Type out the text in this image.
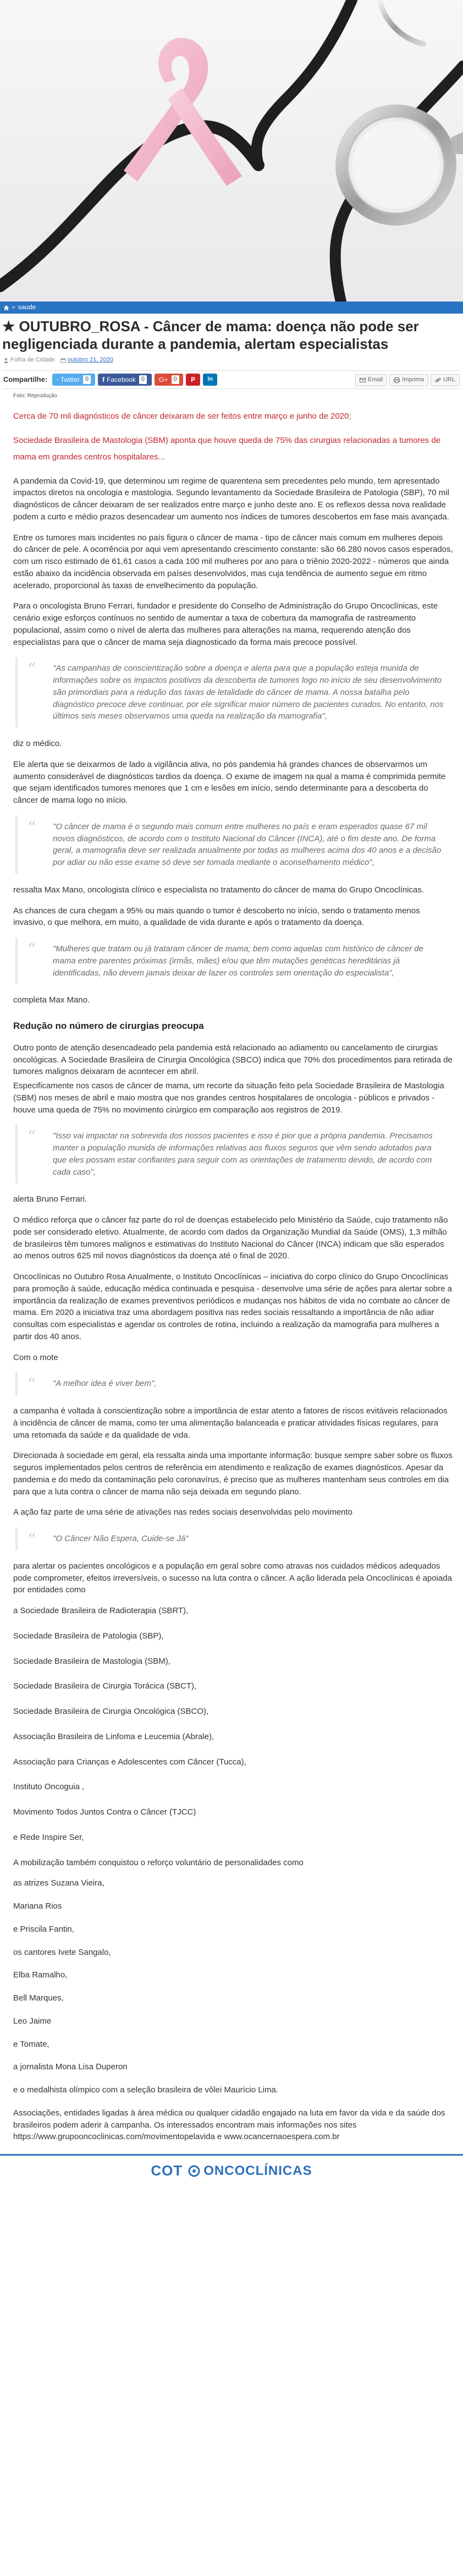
» saude
★ OUTUBRO_ROSA - Câncer de mama: doença não pode ser negligenciada durante a pandemia, alertam especialistas
Folha de Cidade outubro 21, 2020
Compartilhe: Twitter 0	f Facebook 0	G+ 0	P in	Email	Imprima	URL
Foto: Reprodução

Cerca de 70 mil diagnósticos de câncer deixaram de ser feitos entre março e junho de 2020;

Sociedade Brasileira de Mastologia (SBM) aponta que houve queda de 75% das cirurgias relacionadas a tumores de mama em grandes centros hospitalares...

A pandemia da Covid-19, que determinou um regime de quarentena sem precedentes pelo mundo, tem apresentado impactos diretos na oncologia e mastologia. Segundo levantamento da Sociedade Brasileira de Patologia (SBP), 70 mil diagnósticos de câncer deixaram de ser realizados entre março e junho deste ano. E os reflexos dessa nova realidade podem a curto e médio prazos desencadear um aumento nos índices de tumores descobertos em fase mais avançada.

Entre os tumores mais incidentes no país figura o câncer de mama - tipo de câncer mais comum em mulheres depois do câncer de pele. A ocorrência por aqui vem apresentando crescimento constante: são 66.280 novos casos esperados, com um risco estimado de 61,61 casos a cada 100 mil mulheres por ano para o triênio 2020-2022 - números que ainda estão abaixo da incidência observada em países desenvolvidos, mas cuja tendência de aumento segue em ritmo acelerado, proporcional às taxas de envelhecimento da população.

Para o oncologista Bruno Ferrari, fundador e presidente do Conselho de Administração do Grupo Oncoclínicas, este cenário exige esforços contínuos no sentido de aumentar a taxa de cobertura da mamografia de rastreamento populacional, assim como o nível de alerta das mulheres para alterações na mama, requerendo atenção dos especialistas para que o câncer de mama seja diagnosticado da forma mais precoce possível.

“ "As campanhas de conscientização sobre a doença e alerta para que a população esteja munida de informações sobre os impactos positivos da descoberta de tumores logo no início de seu desenvolvimento são primordiais para a redução das taxas de letalidade do câncer de mama. A nossa batalha pelo diagnóstico precoce deve continuar, por ele significar maior número de pacientes curados. No entanto, nos últimos seis meses observamos uma queda na realização da mamografia",

diz o médico.

Ele alerta que se deixarmos de lado a vigilância ativa, no pós pandemia há grandes chances de observarmos um aumento considerável de diagnósticos tardios da doença. O exame de imagem na qual a mama é comprimida permite que sejam identificados tumores menores que 1 cm e lesões em início, sendo determinante para a descoberta do câncer de mama logo no início.

“ "O câncer de mama é o segundo mais comum entre mulheres no país e eram esperados quase 67 mil novos diagnósticos, de acordo com o Instituto Nacional do Câncer (INCA), até o fim deste ano. De forma geral, a mamografia deve ser realizada anualmente por todas as mulheres acima dos 40 anos e a decisão por adiar ou não esse exame só deve ser tomada mediante o aconselhamento médico",

ressalta Max Mano, oncologista clínico e especialista no tratamento do câncer de mama do Grupo Oncoclínicas.

As chances de cura chegam a 95% ou mais quando o tumor é descoberto no início, sendo o tratamento menos invasivo, o que melhora, em muito, a qualidade de vida durante e após o tratamento da doença.

“ "Mulheres que tratam ou já trataram câncer de mama; bem como aquelas com histórico de câncer de mama entre parentes próximas (irmãs, mães) e/ou que têm mutações genéticas hereditárias já identificadas, não devem jamais deixar de lazer os controles sem orientação do especialista",

completa Max Mano.

Redução no número de cirurgias preocupa

Outro ponto de atenção desencadeado pela pandemia está relacionado ao adiamento ou cancelamento de cirurgias oncológicas. A Sociedade Brasileira de Cirurgia Oncológica (SBCO) indica que 70% dos procedimentos para retirada de tumores malignos deixaram de acontecer em abril.

Especificamente nos casos de câncer de mama, um recorte da situação feito pela Sociedade Brasileira de Mastologia (SBM) nos meses de abril e maio mostra que nos grandes centros hospitalares de oncologia - públicos e privados - houve uma queda de 75% no movimento cirúrgico em comparação aos registros de 2019.

“ "Isso vai impactar na sobrevida dos nossos pacientes e isso é pior que a própria pandemia. Precisamos manter a população munida de informações relativas aos fluxos seguros que vêm sendo adotados para que eles possam estar confiantes para seguir com as orientações de tratamento devido, de acordo com cada caso",

alerta Bruno Ferrari.

O médico reforça que o câncer faz parte do rol de doenças estabelecido pelo Ministério da Saúde, cujo tratamento não pode ser considerado eletivo. Atualmente, de acordo com dados da Organização Mundial da Saúde (OMS), 1,3 milhão de brasileiros têm tumores malignos e estimativas do Instituto Nacional do Câncer (INCA) indicam que são esperados ao menos outros 625 mil novos diagnósticos da doença até o final de 2020.

Oncoclínicas no Outubro Rosa Anualmente, o Instituto Oncoclínicas – iniciativa do corpo clínico do Grupo Oncoclínicas para promoção à saúde, educação médica continuada e pesquisa - desenvolve uma série de ações para alertar sobre a importância da realização de exames preventivos periódicos e mudanças nos hábitos de vida no combate ao câncer de mama. Em 2020 a iniciativa traz uma abordagem positiva nas redes sociais ressaltando a importância de não adiar consultas com especialistas e agendar os controles de rotina, incluindo a realização da mamografia para mulheres a partir dos 40 anos.

Com o mote

“ "A melhor idea é viver bem",

a campanha é voltada à conscientização sobre a importância de estar atento a fatores de riscos evitáveis relacionados à incidência de câncer de mama, como ter uma alimentação balanceada e praticar atividades físicas regulares, para uma retomada da saúde e da qualidade de vida.

Direcionada à sociedade em geral, ela ressalta ainda uma importante informação: busque sempre saber sobre os fluxos seguros implementados pelos centros de referência em atendimento e realização de exames diagnósticos. Apesar da pandemia e do medo da contaminação pelo coronavírus, é preciso que as mulheres mantenham seus controles em dia para que a luta contra o câncer de mama não seja deixada em segundo plano.

A ação faz parte de uma série de ativações nas redes sociais desenvolvidas pelo movimento

“ "O Câncer Não Espera, Cuide-se Já"

para alertar os pacientes oncológicos e a população em geral sobre como atravas nos cuidados médicos adequados pode comprometer, efeitos irreversíveis, o sucesso na luta contra o câncer. A ação liderada pela Oncoclínicas é apoiada por entidades como

a Sociedade Brasileira de Radioterapia (SBRT),

Sociedade Brasileira de Patologia (SBP),

Sociedade Brasileira de Mastologia (SBM),

Sociedade Brasileira de Cirurgia Torácica (SBCT),

Sociedade Brasileira de Cirurgia Oncológica (SBCO),

Associação Brasileira de Linfoma e Leucemia (Abrale),

Associação para Crianças e Adolescentes com Câncer (Tucca),

Instituto Oncoguia ,

Movimento Todos Juntos Contra o Câncer (TJCC)

e Rede Inspire Ser,

A mobilização também conquistou o reforço voluntário de personalidades como

as atrizes Suzana Vieira,

Mariana Rios

e Priscila Fantin,

os cantores Ivete Sangalo,

Elba Ramalho,

Bell Marques,

Leo Jaime

e Tomate,

a jornalista Mona Lisa Duperon

e o medalhista olímpico com a seleção brasileira de vôlei Maurício Lima.

Associações, entidades ligadas à área médica ou qualquer cidadão engajado na luta em favor da vida e da saúde dos brasileiros podem aderir à campanha. Os interessados encontram mais informações nos sites https://www.grupooncoclinicas.com/movimentopelavida e www.ocancernaoespera.com.br

COT ONCOCLÍNICAS
